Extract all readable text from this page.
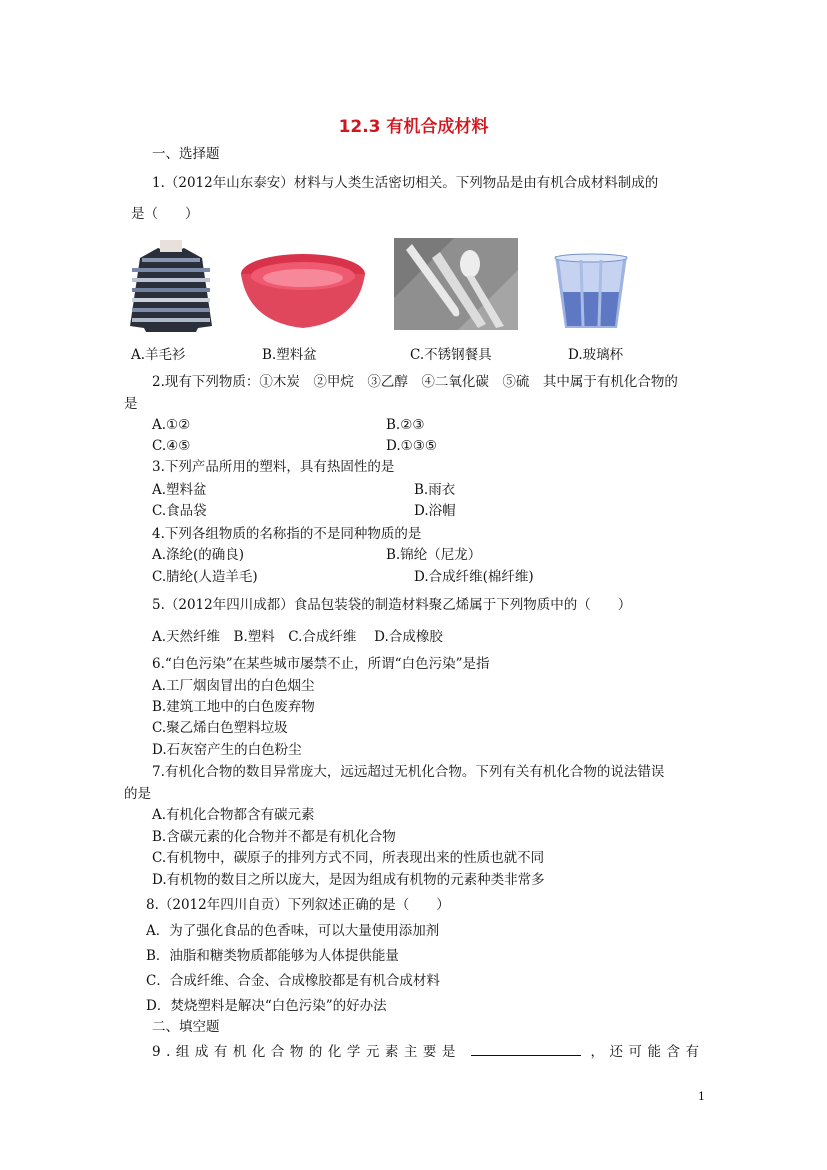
12.3 有机合成材料
一、选择题
1.（2012年山东泰安）材料与人类生活密切相关。下列物品是由有机合成材料制成的
是（　　）
A.羊毛衫	B.塑料盆	C.不锈钢餐具	D.玻璃杯
2.现有下列物质：①木炭　②甲烷　③乙醇　④二氧化碳　⑤硫　其中属于有机化合物的
是
A.①②	B.②③
C.④⑤	D.①③⑤
3.下列产品所用的塑料，具有热固性的是
A.塑料盆	B.雨衣
C.食品袋	D.浴帽
4.下列各组物质的名称指的不是同种物质的是
A.涤纶(的确良)	B.锦纶（尼龙）
C.腈纶(人造羊毛)	D.合成纤维(棉纤维)
5.（2012年四川成都）食品包装袋的制造材料聚乙烯属于下列物质中的（　　）
A.天然纤维　B.塑料　C.合成纤维　 D.合成橡胶
6.“白色污染”在某些城市屡禁不止，所谓“白色污染”是指
A.工厂烟囱冒出的白色烟尘
B.建筑工地中的白色废弃物
C.聚乙烯白色塑料垃圾
D.石灰窑产生的白色粉尘
7.有机化合物的数目异常庞大，远远超过无机化合物。下列有关有机化合物的说法错误
的是
A.有机化合物都含有碳元素
B.含碳元素的化合物并不都是有机化合物
C.有机物中，碳原子的排列方式不同，所表现出来的性质也就不同
D.有机物的数目之所以庞大，是因为组成有机物的元素种类非常多
8.（2012年四川自贡）下列叙述正确的是（　　）
A．为了强化食品的色香味，可以大量使用添加剂
B．油脂和糖类物质都能够为人体提供能量
C．合成纤维、合金、合成橡胶都是有机合成材料
D．焚烧塑料是解决“白色污染”的好办法
二、填空题
9.组成有机化合物的化学元素主要是	，还可能含有
1
